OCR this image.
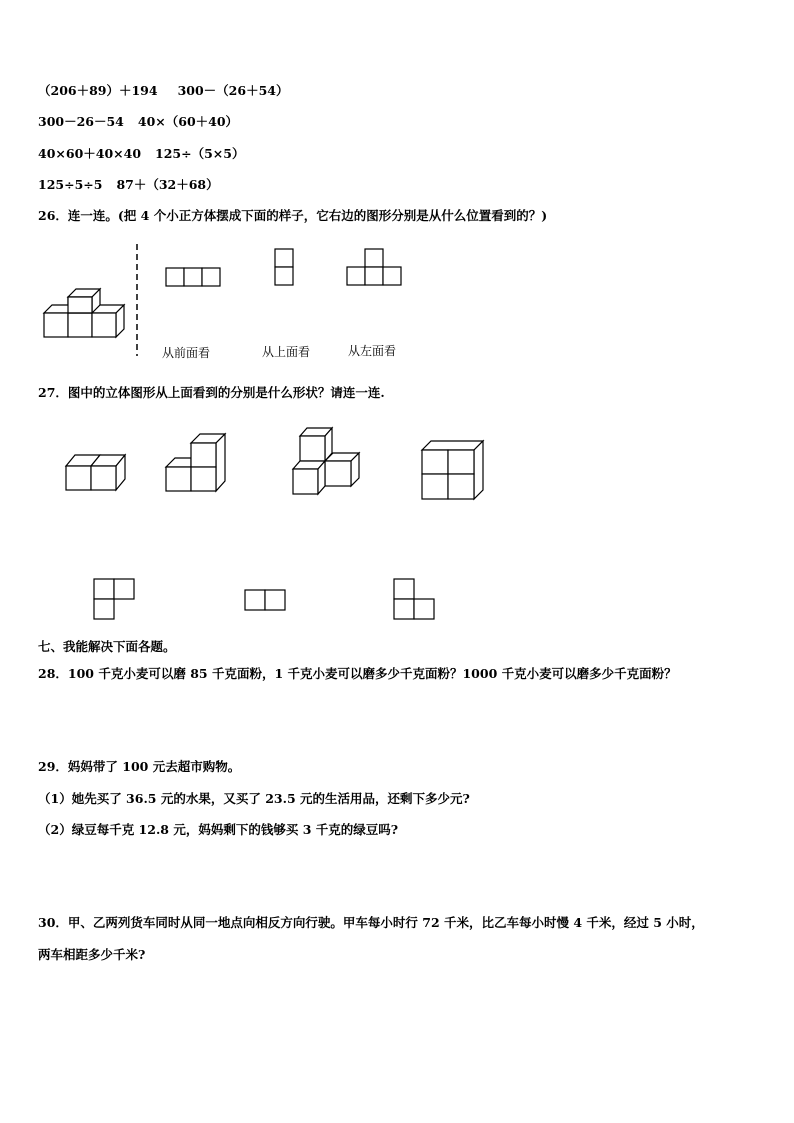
（206＋89）＋194 300－（26＋54）
300－26－54 40×（60＋40）
40×60＋40×40 125÷（5×5）
125÷5÷5 87＋（32＋68）
26．连一连。(把 4 个小正方体摆成下面的样子，它右边的图形分别是从什么位置看到的？)
从前面看	从上面看	从左面看
27．图中的立体图形从上面看到的分别是什么形状？请连一连.
七、我能解决下面各题。
28．100 千克小麦可以磨 85 千克面粉，1 千克小麦可以磨多少千克面粉？1000 千克小麦可以磨多少千克面粉？
29．妈妈带了 100 元去超市购物。
（1）她先买了 36.5 元的水果，又买了 23.5 元的生活用品，还剩下多少元?
（2）绿豆每千克 12.8 元，妈妈剩下的钱够买 3 千克的绿豆吗?
30．甲、乙两列货车同时从同一地点向相反方向行驶。甲车每小时行 72 千米，比乙车每小时慢 4 千米，经过 5 小时，
两车相距多少千米?
